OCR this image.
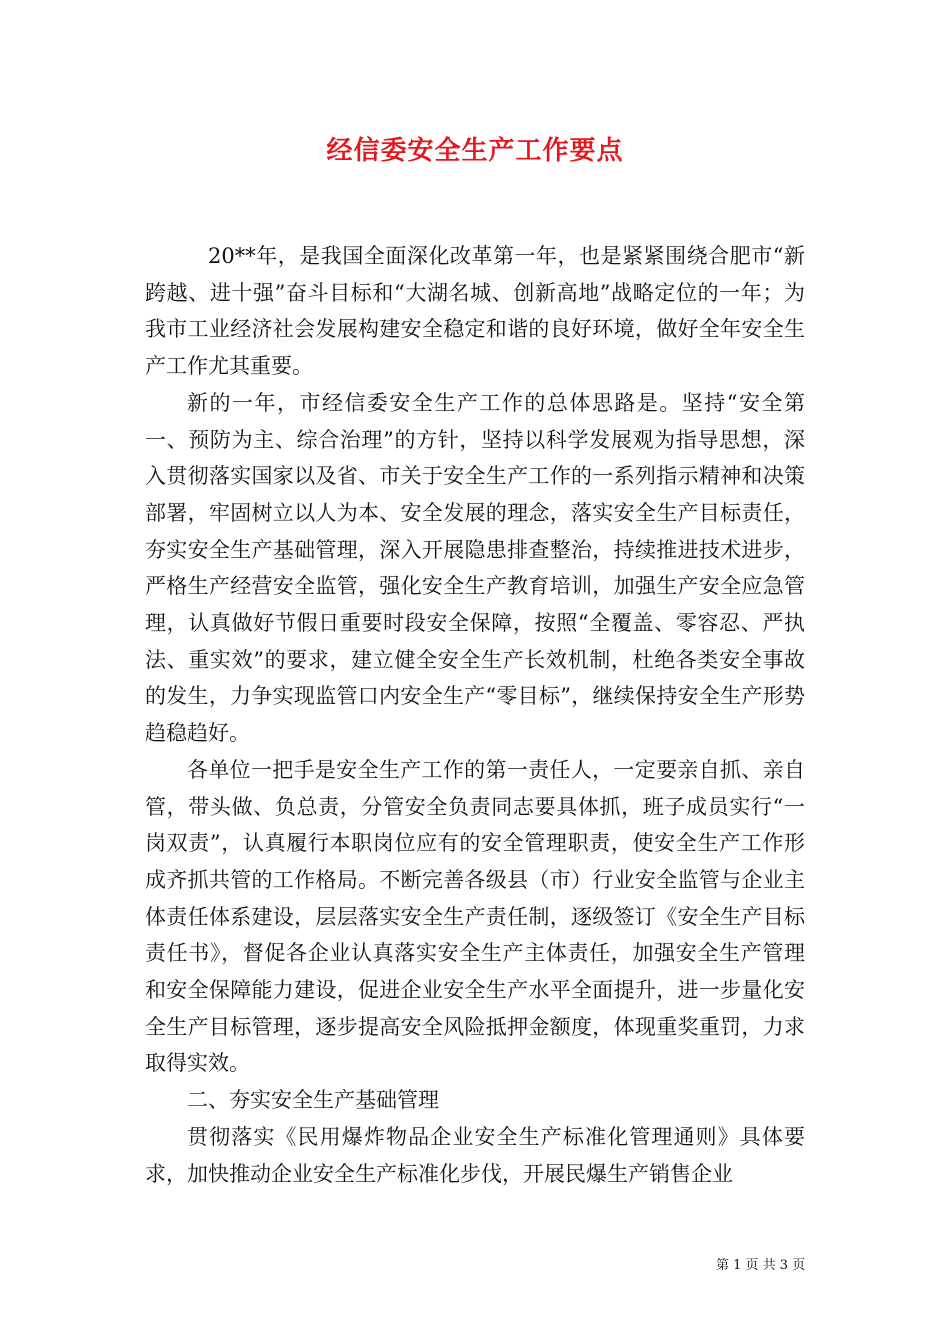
经信委安全生产工作要点

20**年，是我国全面深化改革第一年，也是紧紧围绕合肥市“新跨越、进十强”奋斗目标和“大湖名城、创新高地”战略定位的一年；为我市工业经济社会发展构建安全稳定和谐的良好环境，做好全年安全生产工作尤其重要。

新的一年，市经信委安全生产工作的总体思路是。坚持“安全第一、预防为主、综合治理”的方针，坚持以科学发展观为指导思想，深入贯彻落实国家以及省、市关于安全生产工作的一系列指示精神和决策部署，牢固树立以人为本、安全发展的理念，落实安全生产目标责任，夯实安全生产基础管理，深入开展隐患排查整治，持续推进技术进步，严格生产经营安全监管，强化安全生产教育培训，加强生产安全应急管理，认真做好节假日重要时段安全保障，按照“全覆盖、零容忍、严执法、重实效”的要求，建立健全安全生产长效机制，杜绝各类安全事故的发生，力争实现监管口内安全生产“零目标”，继续保持安全生产形势趋稳趋好。

各单位一把手是安全生产工作的第一责任人，一定要亲自抓、亲自管，带头做、负总责，分管安全负责同志要具体抓，班子成员实行“一岗双责”，认真履行本职岗位应有的安全管理职责，使安全生产工作形成齐抓共管的工作格局。不断完善各级县（市）行业安全监管与企业主体责任体系建设，层层落实安全生产责任制，逐级签订《安全生产目标责任书》，督促各企业认真落实安全生产主体责任，加强安全生产管理和安全保障能力建设，促进企业安全生产水平全面提升，进一步量化安全生产目标管理，逐步提高安全风险抵押金额度，体现重奖重罚，力求取得实效。

二、夯实安全生产基础管理

贯彻落实《民用爆炸物品企业安全生产标准化管理通则》具体要求，加快推动企业安全生产标准化步伐，开展民爆生产销售企业

第 1 页 共 3 页
